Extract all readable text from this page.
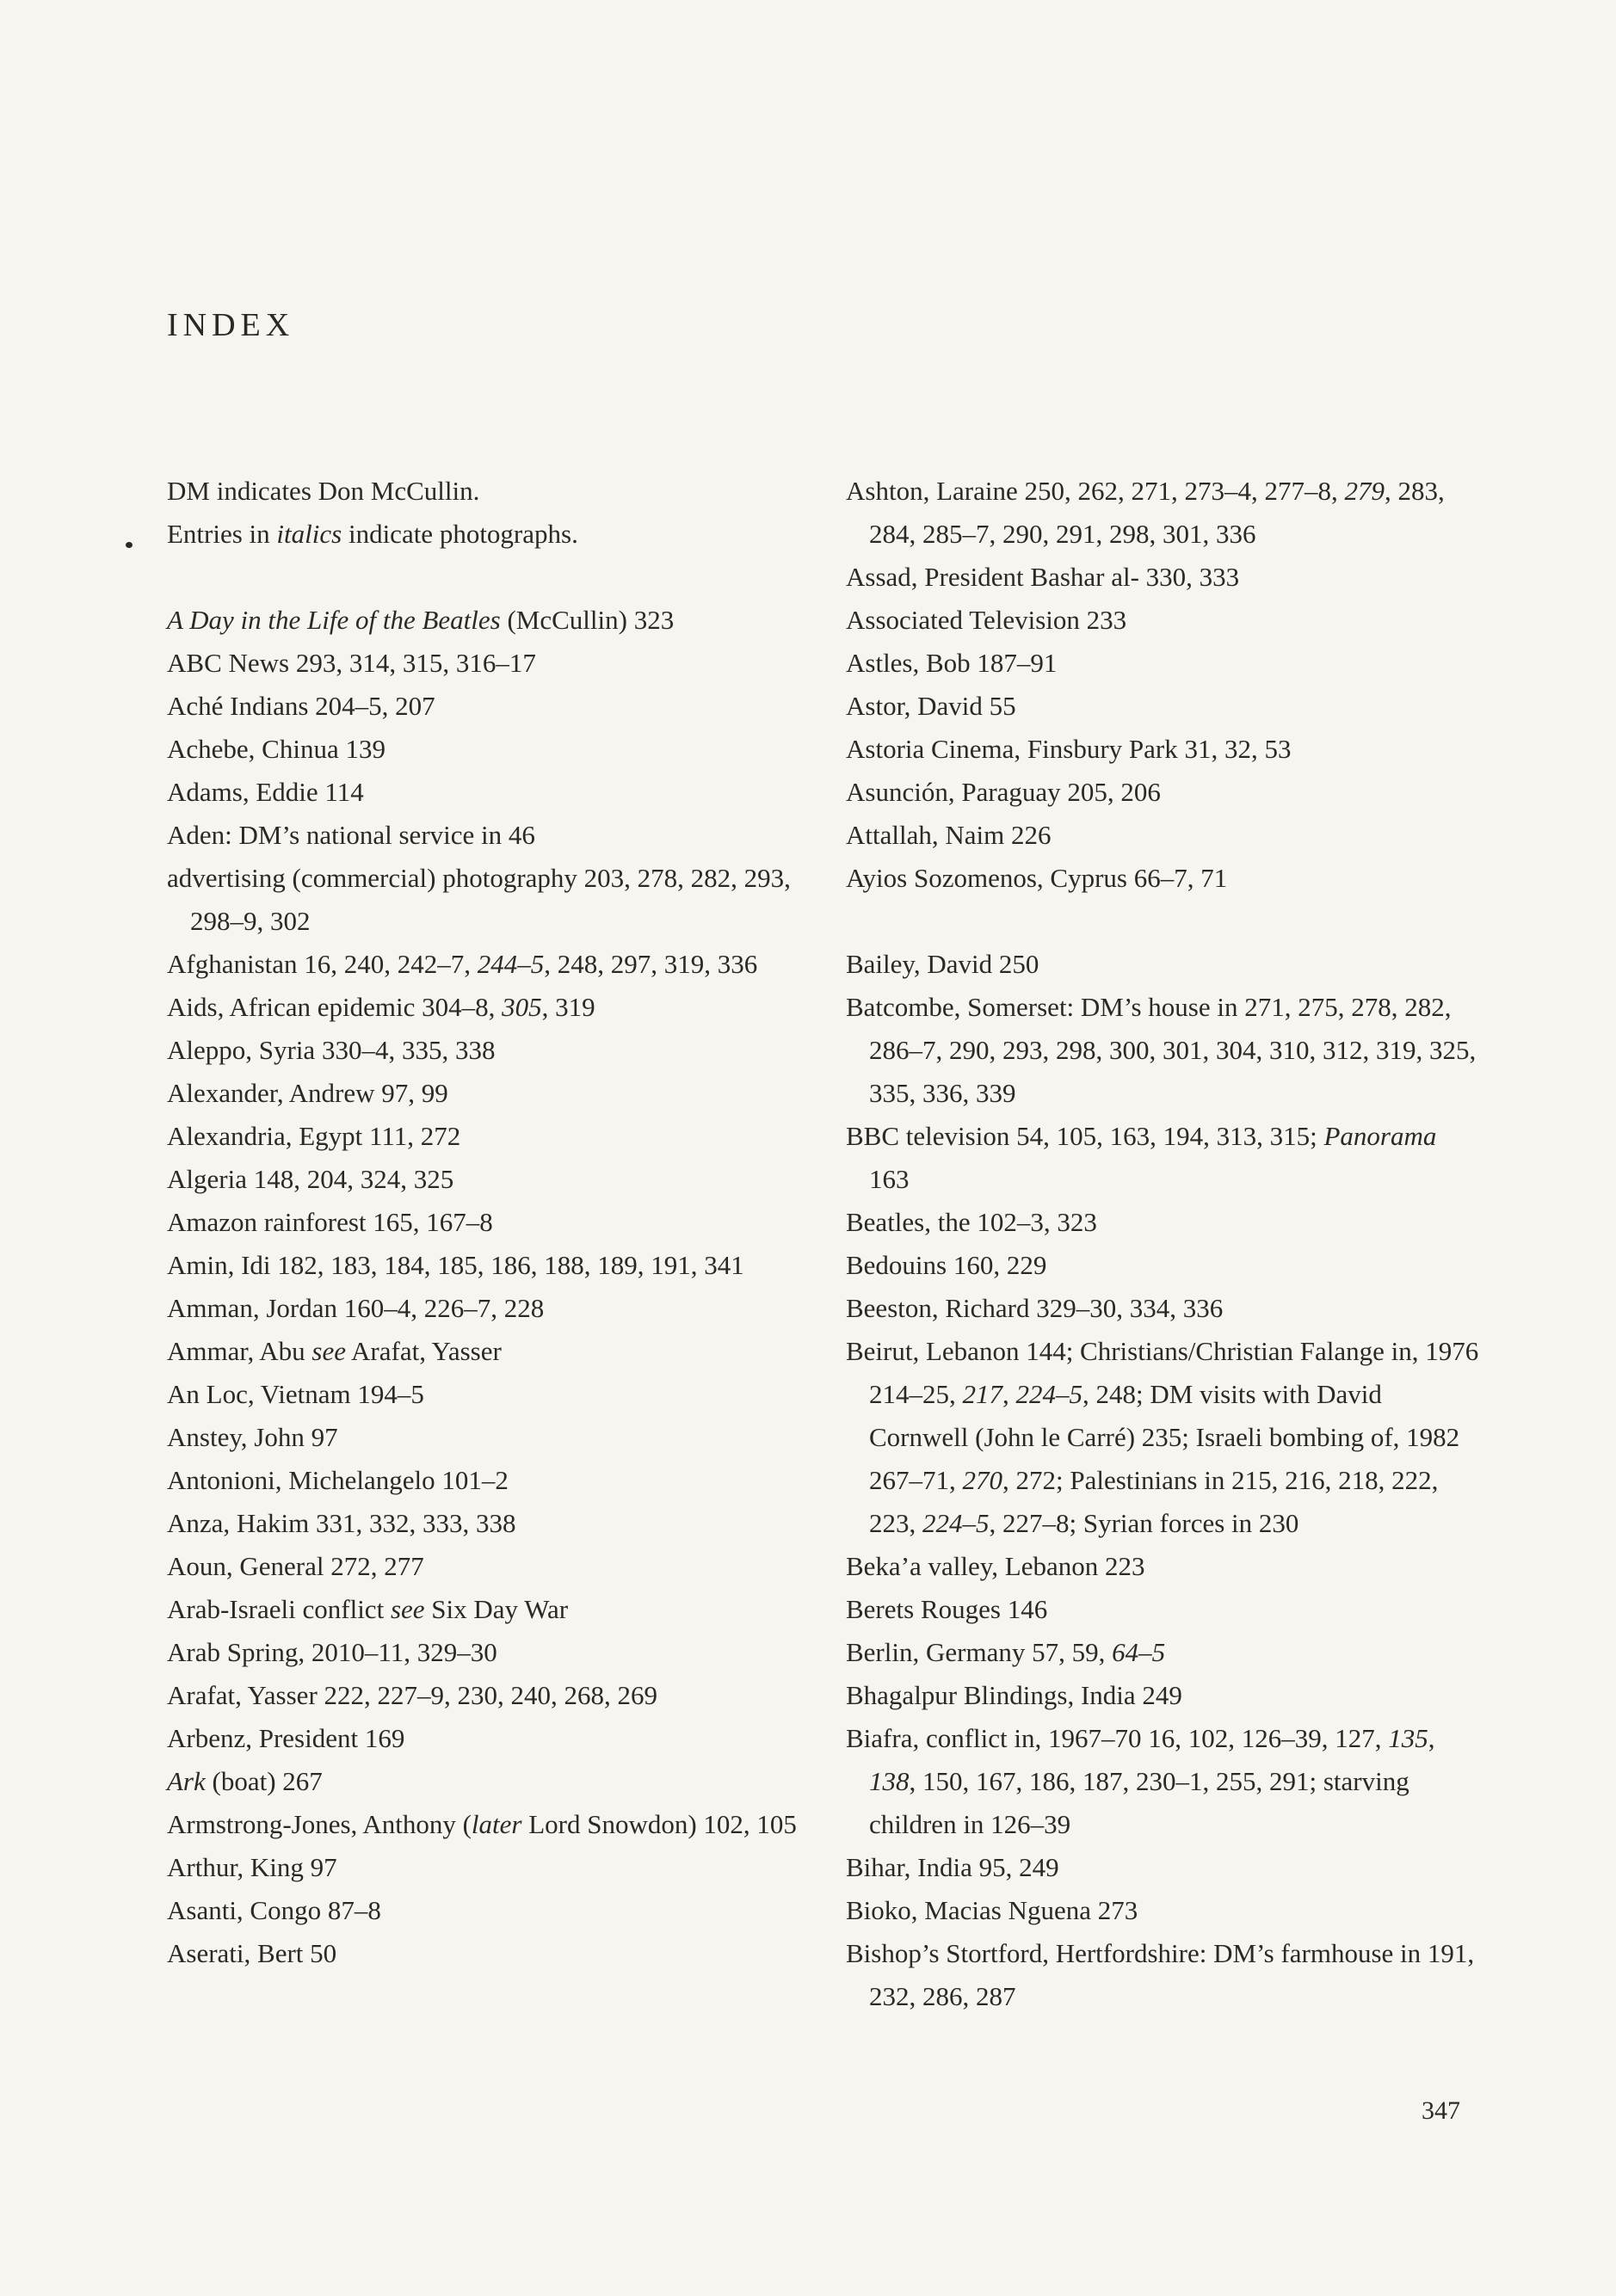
INDEX

DM indicates Don McCullin.

Entries in italics indicate photographs.

A Day in the Life of the Beatles (McCullin) 323

ABC News 293, 314, 315, 316–17

Aché Indians 204–5, 207

Achebe, Chinua 139

Adams, Eddie 114

Aden: DM’s national service in 46

advertising (commercial) photography 203, 278, 282, 293, 298–9, 302

Afghanistan 16, 240, 242–7, 244–5, 248, 297, 319, 336

Aids, African epidemic 304–8, 305, 319

Aleppo, Syria 330–4, 335, 338

Alexander, Andrew 97, 99

Alexandria, Egypt 111, 272

Algeria 148, 204, 324, 325

Amazon rainforest 165, 167–8

Amin, Idi 182, 183, 184, 185, 186, 188, 189, 191, 341

Amman, Jordan 160–4, 226–7, 228

Ammar, Abu see Arafat, Yasser

An Loc, Vietnam 194–5

Anstey, John 97

Antonioni, Michelangelo 101–2

Anza, Hakim 331, 332, 333, 338

Aoun, General 272, 277

Arab-Israeli conflict see Six Day War

Arab Spring, 2010–11, 329–30

Arafat, Yasser 222, 227–9, 230, 240, 268, 269

Arbenz, President 169

Ark (boat) 267

Armstrong-Jones, Anthony (later Lord Snowdon) 102, 105

Arthur, King 97

Asanti, Congo 87–8

Aserati, Bert 50

Ashton, Laraine 250, 262, 271, 273–4, 277–8, 279, 283, 284, 285–7, 290, 291, 298, 301, 336

Assad, President Bashar al- 330, 333

Associated Television 233

Astles, Bob 187–91

Astor, David 55

Astoria Cinema, Finsbury Park 31, 32, 53

Asunción, Paraguay 205, 206

Attallah, Naim 226

Ayios Sozomenos, Cyprus 66–7, 71

Bailey, David 250

Batcombe, Somerset: DM’s house in 271, 275, 278, 282, 286–7, 290, 293, 298, 300, 301, 304, 310, 312, 319, 325, 335, 336, 339

BBC television 54, 105, 163, 194, 313, 315; Panorama 163

Beatles, the 102–3, 323

Bedouins 160, 229

Beeston, Richard 329–30, 334, 336

Beirut, Lebanon 144; Christians/Christian Falange in, 1976 214–25, 217, 224–5, 248; DM visits with David Cornwell (John le Carré) 235; Israeli bombing of, 1982 267–71, 270, 272; Palestinians in 215, 216, 218, 222, 223, 224–5, 227–8; Syrian forces in 230

Beka’a valley, Lebanon 223

Berets Rouges 146

Berlin, Germany 57, 59, 64–5

Bhagalpur Blindings, India 249

Biafra, conflict in, 1967–70 16, 102, 126–39, 127, 135, 138, 150, 167, 186, 187, 230–1, 255, 291; starving children in 126–39

Bihar, India 95, 249

Bioko, Macias Nguena 273

Bishop’s Stortford, Hertfordshire: DM’s farmhouse in 191, 232, 286, 287

347
